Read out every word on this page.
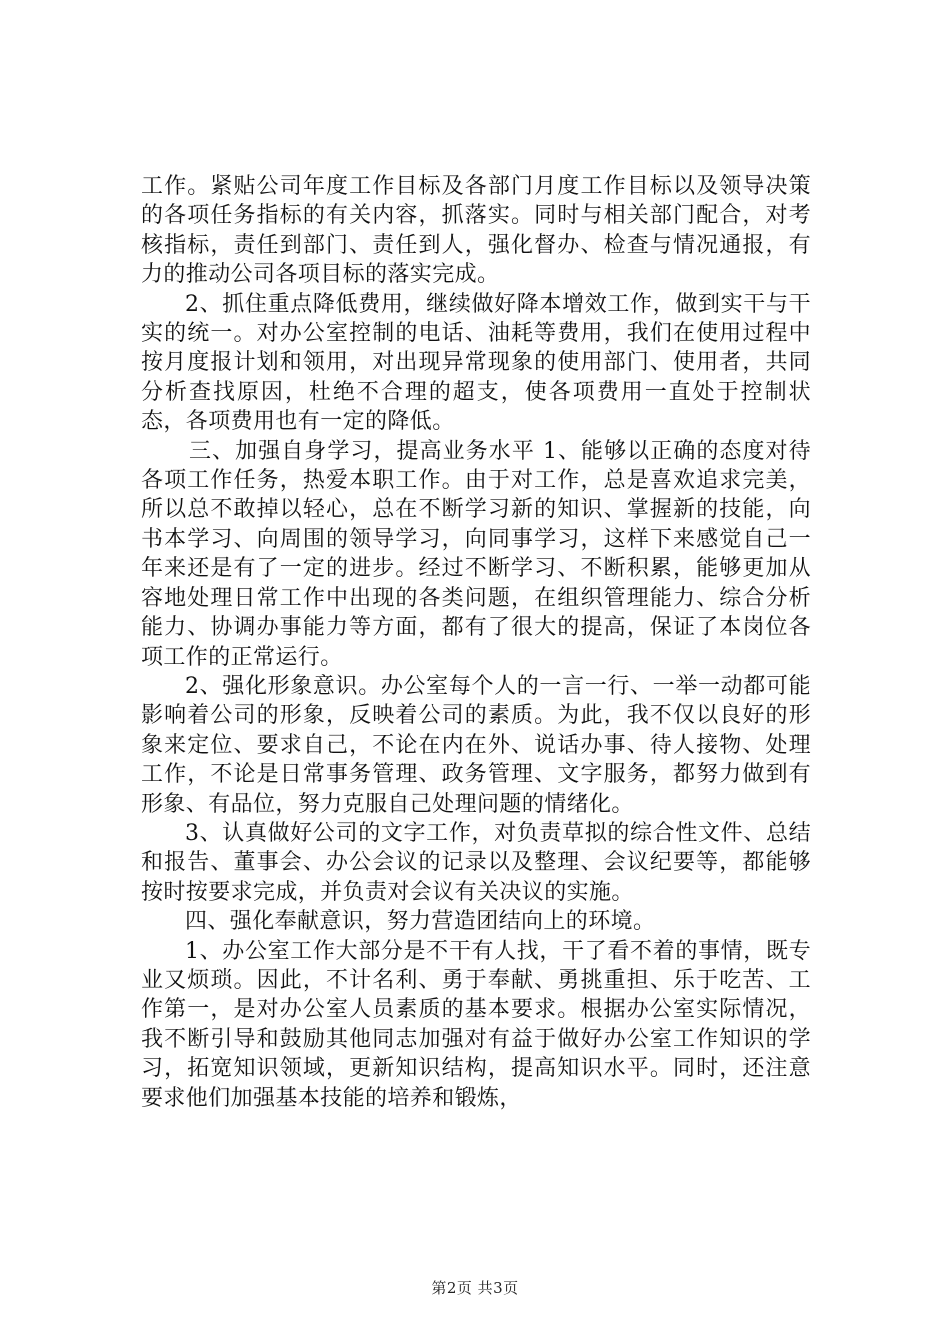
工作。紧贴公司年度工作目标及各部门月度工作目标以及领导决策的各项任务指标的有关内容，抓落实。同时与相关部门配合，对考核指标，责任到部门、责任到人，强化督办、检查与情况通报，有力的推动公司各项目标的落实完成。

2、抓住重点降低费用，继续做好降本增效工作，做到实干与干实的统一。对办公室控制的电话、油耗等费用，我们在使用过程中按月度报计划和领用，对出现异常现象的使用部门、使用者，共同分析查找原因，杜绝不合理的超支，使各项费用一直处于控制状态，各项费用也有一定的降低。

三、加强自身学习，提高业务水平 1、能够以正确的态度对待各项工作任务，热爱本职工作。由于对工作，总是喜欢追求完美，所以总不敢掉以轻心，总在不断学习新的知识、掌握新的技能，向书本学习、向周围的领导学习，向同事学习，这样下来感觉自己一年来还是有了一定的进步。经过不断学习、不断积累，能够更加从容地处理日常工作中出现的各类问题，在组织管理能力、综合分析能力、协调办事能力等方面，都有了很大的提高，保证了本岗位各项工作的正常运行。

2、强化形象意识。办公室每个人的一言一行、一举一动都可能影响着公司的形象，反映着公司的素质。为此，我不仅以良好的形象来定位、要求自己，不论在内在外、说话办事、待人接物、处理工作，不论是日常事务管理、政务管理、文字服务，都努力做到有形象、有品位，努力克服自己处理问题的情绪化。

3、认真做好公司的文字工作，对负责草拟的综合性文件、总结和报告、董事会、办公会议的记录以及整理、会议纪要等，都能够按时按要求完成，并负责对会议有关决议的实施。

四、强化奉献意识，努力营造团结向上的环境。

1、办公室工作大部分是不干有人找，干了看不着的事情，既专业又烦琐。因此，不计名利、勇于奉献、勇挑重担、乐于吃苦、工作第一，是对办公室人员素质的基本要求。根据办公室实际情况，我不断引导和鼓励其他同志加强对有益于做好办公室工作知识的学习，拓宽知识领域，更新知识结构，提高知识水平。同时，还注意要求他们加强基本技能的培养和锻炼，

第2页 共3页
